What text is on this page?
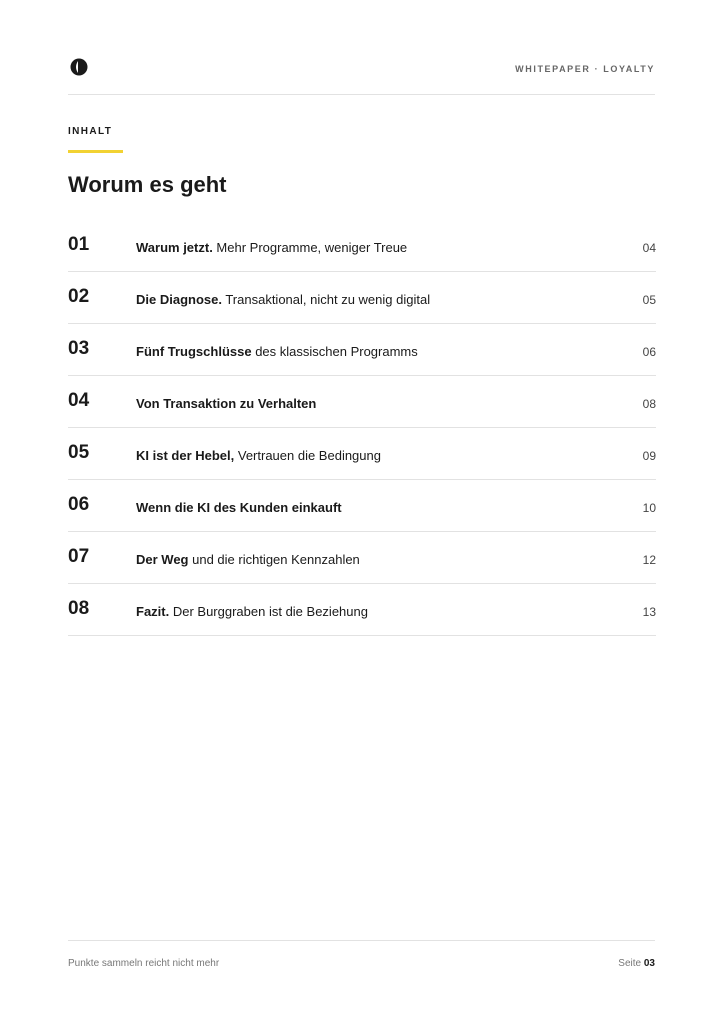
WHITEPAPER · LOYALTY
INHALT
Worum es geht
01	Warum jetzt. Mehr Programme, weniger Treue	04
02	Die Diagnose. Transaktional, nicht zu wenig digital	05
03	Fünf Trugschlüsse des klassischen Programms	06
04	Von Transaktion zu Verhalten	08
05	KI ist der Hebel, Vertrauen die Bedingung	09
06	Wenn die KI des Kunden einkauft	10
07	Der Weg und die richtigen Kennzahlen	12
08	Fazit. Der Burggraben ist die Beziehung	13
Punkte sammeln reicht nicht mehr	Seite 03
